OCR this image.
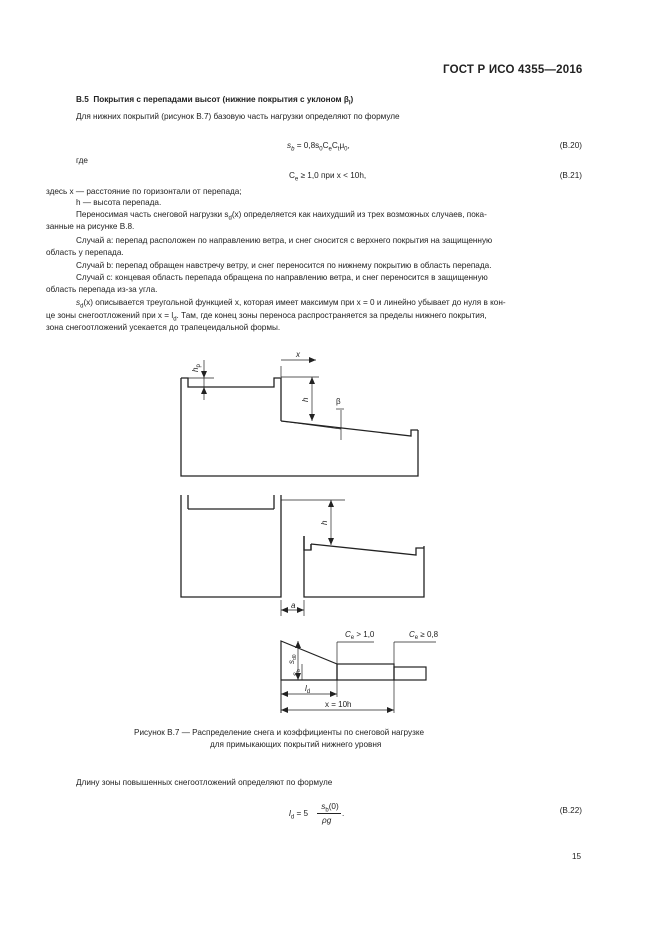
ГОСТ Р ИСО 4355—2016
B.5 Покрытия с перепадами высот (нижние покрытия с уклоном $\beta_l$)
Для нижних покрытий (рисунок B.7) базовую часть нагрузки определяют по формуле
$s_b = 0,8s_0C_eC_t\mu_0$,	(B.20)
где
$C_e \ge 1,0$ при x < 10h,	(B.21)
здесь x — расстояние по горизонтали от перепада;
h — высота перепада.
Переносимая часть снеговой нагрузки $s_d(x)$ определяется как наихудший из трех возможных случаев, пока-
занные на рисунке B.8.
Случай a: перепад расположен по направлению ветра, и снег сносится с верхнего покрытия на защищенную
область у перепада.
Случай b: перепад обращен навстречу ветру, и снег переносится по нижнему покрытию в область перепада.
Случай c: концевая область перепада обращена по направлению ветра, и снег переносится в защищенную
область перепада из-за угла.
$s_d(x)$ описывается треугольной функцией x, которая имеет максимум при x = 0 и линейно убывает до нуля в кон-
це зоны снегоотложений при $x = l_d$. Там, где конец зоны переноса распространяется за пределы нижнего покрытия,
зона снегоотложений усекается до трапецеидальной формы.
$h_p$
x
h	β
h
a
$C_e > 1,0$	$C_e \ge 0,8$
$s_{d0}$
$s_b$
$l_d$
x = 10h
Рисунок B.7 — Распределение снега и коэффициенты по снеговой нагрузке
для примыкающих покрытий нижнего уровня
Длину зоны повышенных снегоотложений определяют по формуле
$l_d = 5$
$s_b(0)$
ρg
.	(B.22)
15
